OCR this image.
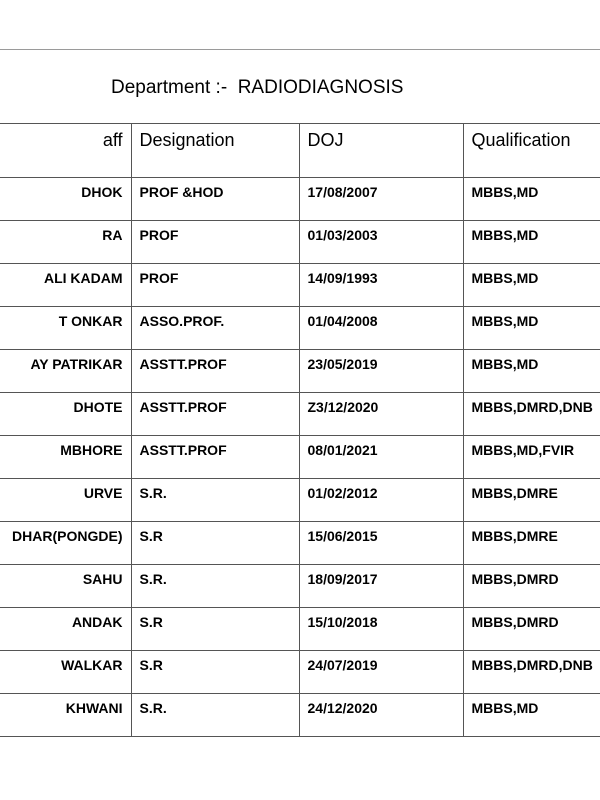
Department :-  RADIODIAGNOSIS

aff	Designation	DOJ	Qualification
DHOK	PROF &HOD	17/08/2007	MBBS,MD
RA	PROF	01/03/2003	MBBS,MD
ALI KADAM	PROF	14/09/1993	MBBS,MD
T ONKAR	ASSO.PROF.	01/04/2008	MBBS,MD
AY PATRIKAR	ASSTT.PROF	23/05/2019	MBBS,MD
DHOTE	ASSTT.PROF	Z3/12/2020	MBBS,DMRD,DNB
MBHORE	ASSTT.PROF	08/01/2021	MBBS,MD,FVIR
URVE	S.R.	01/02/2012	MBBS,DMRE
DHAR(PONGDE)	S.R	15/06/2015	MBBS,DMRE
SAHU	S.R.	18/09/2017	MBBS,DMRD
ANDAK	S.R	15/10/2018	MBBS,DMRD
WALKAR	S.R	24/07/2019	MBBS,DMRD,DNB
KHWANI	S.R.	24/12/2020	MBBS,MD
